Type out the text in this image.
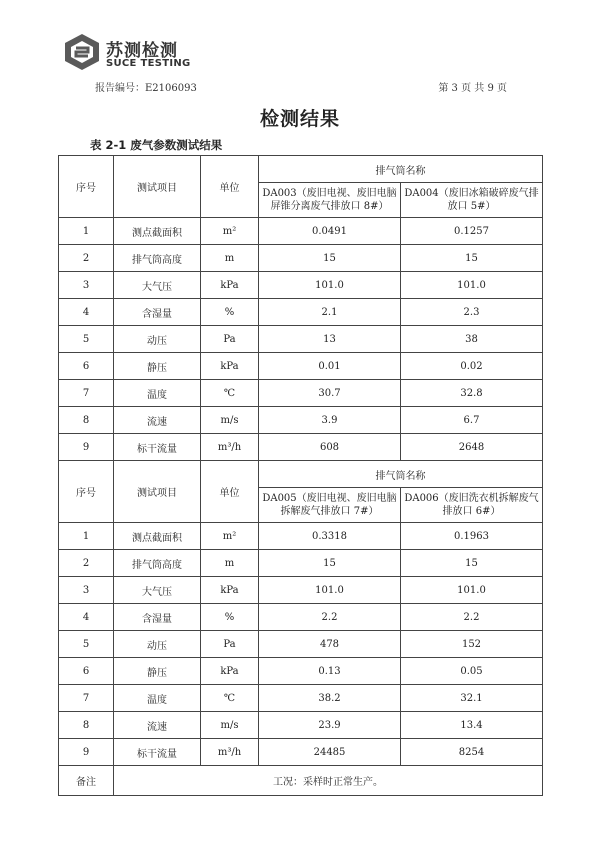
苏测检测
SUCE TESTING
报告编号：E2106093	第 3 页 共 9 页
检测结果
表 2-1 废气参数测试结果
序号	测试项目	单位	排气筒名称	
			DA003（废旧电视、废旧电脑屏锥分离废气排放口 8#）	DA004（废旧冰箱破碎废气排放口 5#）
1	测点截面积	m²	0.0491	0.1257
2	排气筒高度	m	15	15
3	大气压	kPa	101.0	101.0
4	含湿量	%	2.1	2.3
5	动压	Pa	13	38
6	静压	kPa	0.01	0.02
7	温度	℃	30.7	32.8
8	流速	m/s	3.9	6.7
9	标干流量	m³/h	608	2648
序号	测试项目	单位	排气筒名称	
			DA005（废旧电视、废旧电脑拆解废气排放口 7#）	DA006（废旧洗衣机拆解废气排放口 6#）
1	测点截面积	m²	0.3318	0.1963
2	排气筒高度	m	15	15
3	大气压	kPa	101.0	101.0
4	含湿量	%	2.2	2.2
5	动压	Pa	478	152
6	静压	kPa	0.13	0.05
7	温度	℃	38.2	32.1
8	流速	m/s	23.9	13.4
9	标干流量	m³/h	24485	8254
备注	工况：采样时正常生产。			
